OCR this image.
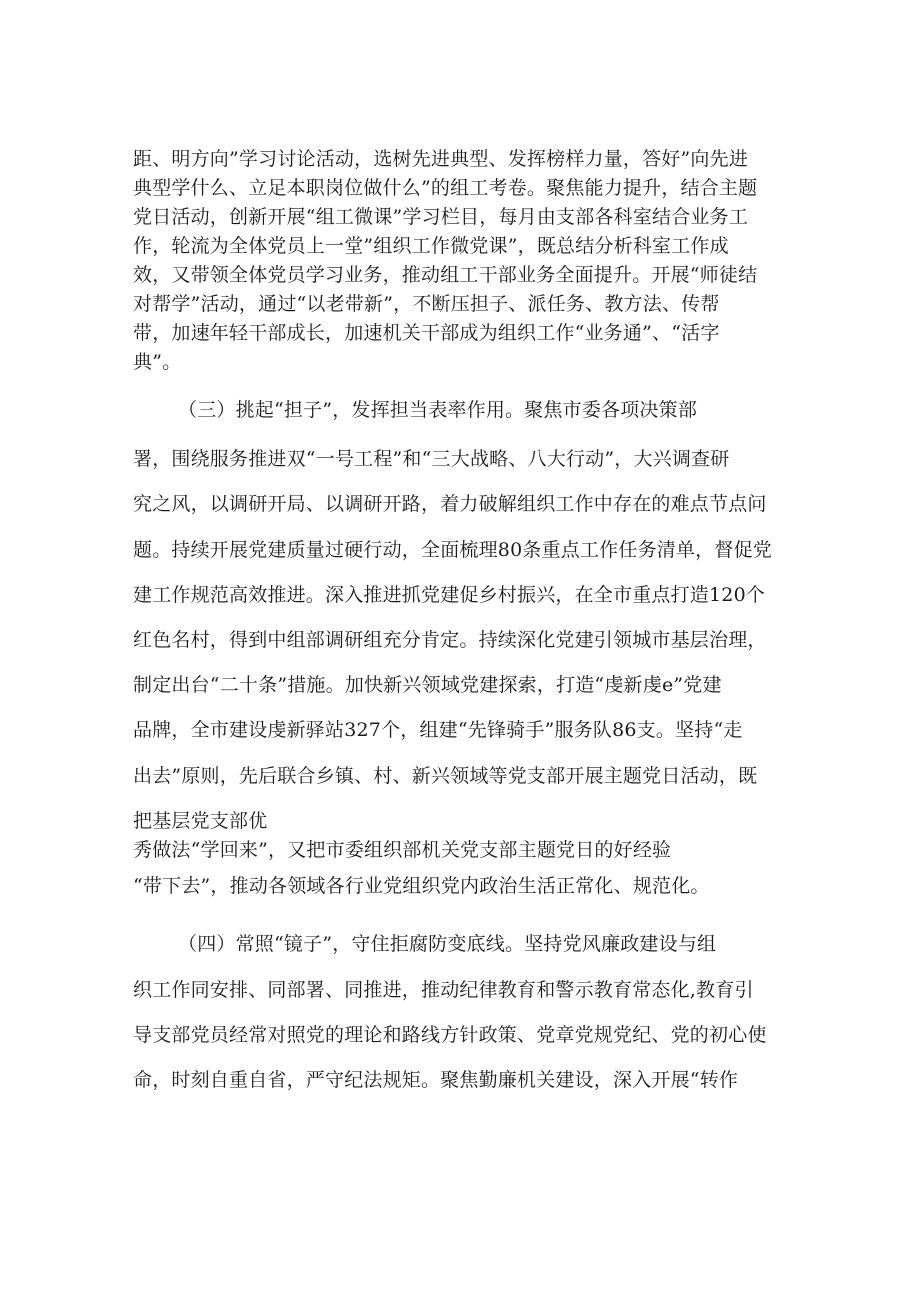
距、明方向”学习讨论活动，选树先进典型、发挥榜样力量，答好”向先进
典型学什么、立足本职岗位做什么”的组工考卷。聚焦能力提升，结合主题
党日活动，创新开展“组工微课”学习栏目，每月由支部各科室结合业务工
作，轮流为全体党员上一堂”组织工作微党课”，既总结分析科室工作成
效，又带领全体党员学习业务，推动组工干部业务全面提升。开展“师徒结
对帮学”活动，通过“以老带新”，不断压担子、派任务、教方法、传帮
带，加速年轻干部成长，加速机关干部成为组织工作“业务通”、“活字
典”。
（三）挑起“担子”，发挥担当表率作用。聚焦市委各项决策部
署，围绕服务推进双“一号工程”和“三大战略、八大行动”，大兴调查研
究之风，以调研开局、以调研开路，着力破解组织工作中存在的难点节点问
题。持续开展党建质量过硬行动，全面梳理80条重点工作任务清单，督促党
建工作规范高效推进。深入推进抓党建促乡村振兴，在全市重点打造120个
红色名村，得到中组部调研组充分肯定。持续深化党建引领城市基层治理，
制定出台“二十条”措施。加快新兴领域党建探索，打造“虔新虔e”党建
品牌，全市建设虔新驿站327个，组建“先锋骑手”服务队86支。坚持“走
出去”原则，先后联合乡镇、村、新兴领域等党支部开展主题党日活动，既
把基层党支部优
秀做法“学回来”，又把市委组织部机关党支部主题党日的好经验
“带下去”，推动各领域各行业党组织党内政治生活正常化、规范化。
（四）常照“镜子”，守住拒腐防变底线。坚持党风廉政建设与组
织工作同安排、同部署、同推进，推动纪律教育和警示教育常态化,教育引
导支部党员经常对照党的理论和路线方针政策、党章党规党纪、党的初心使
命，时刻自重自省，严守纪法规矩。聚焦勤廉机关建设，深入开展“转作
